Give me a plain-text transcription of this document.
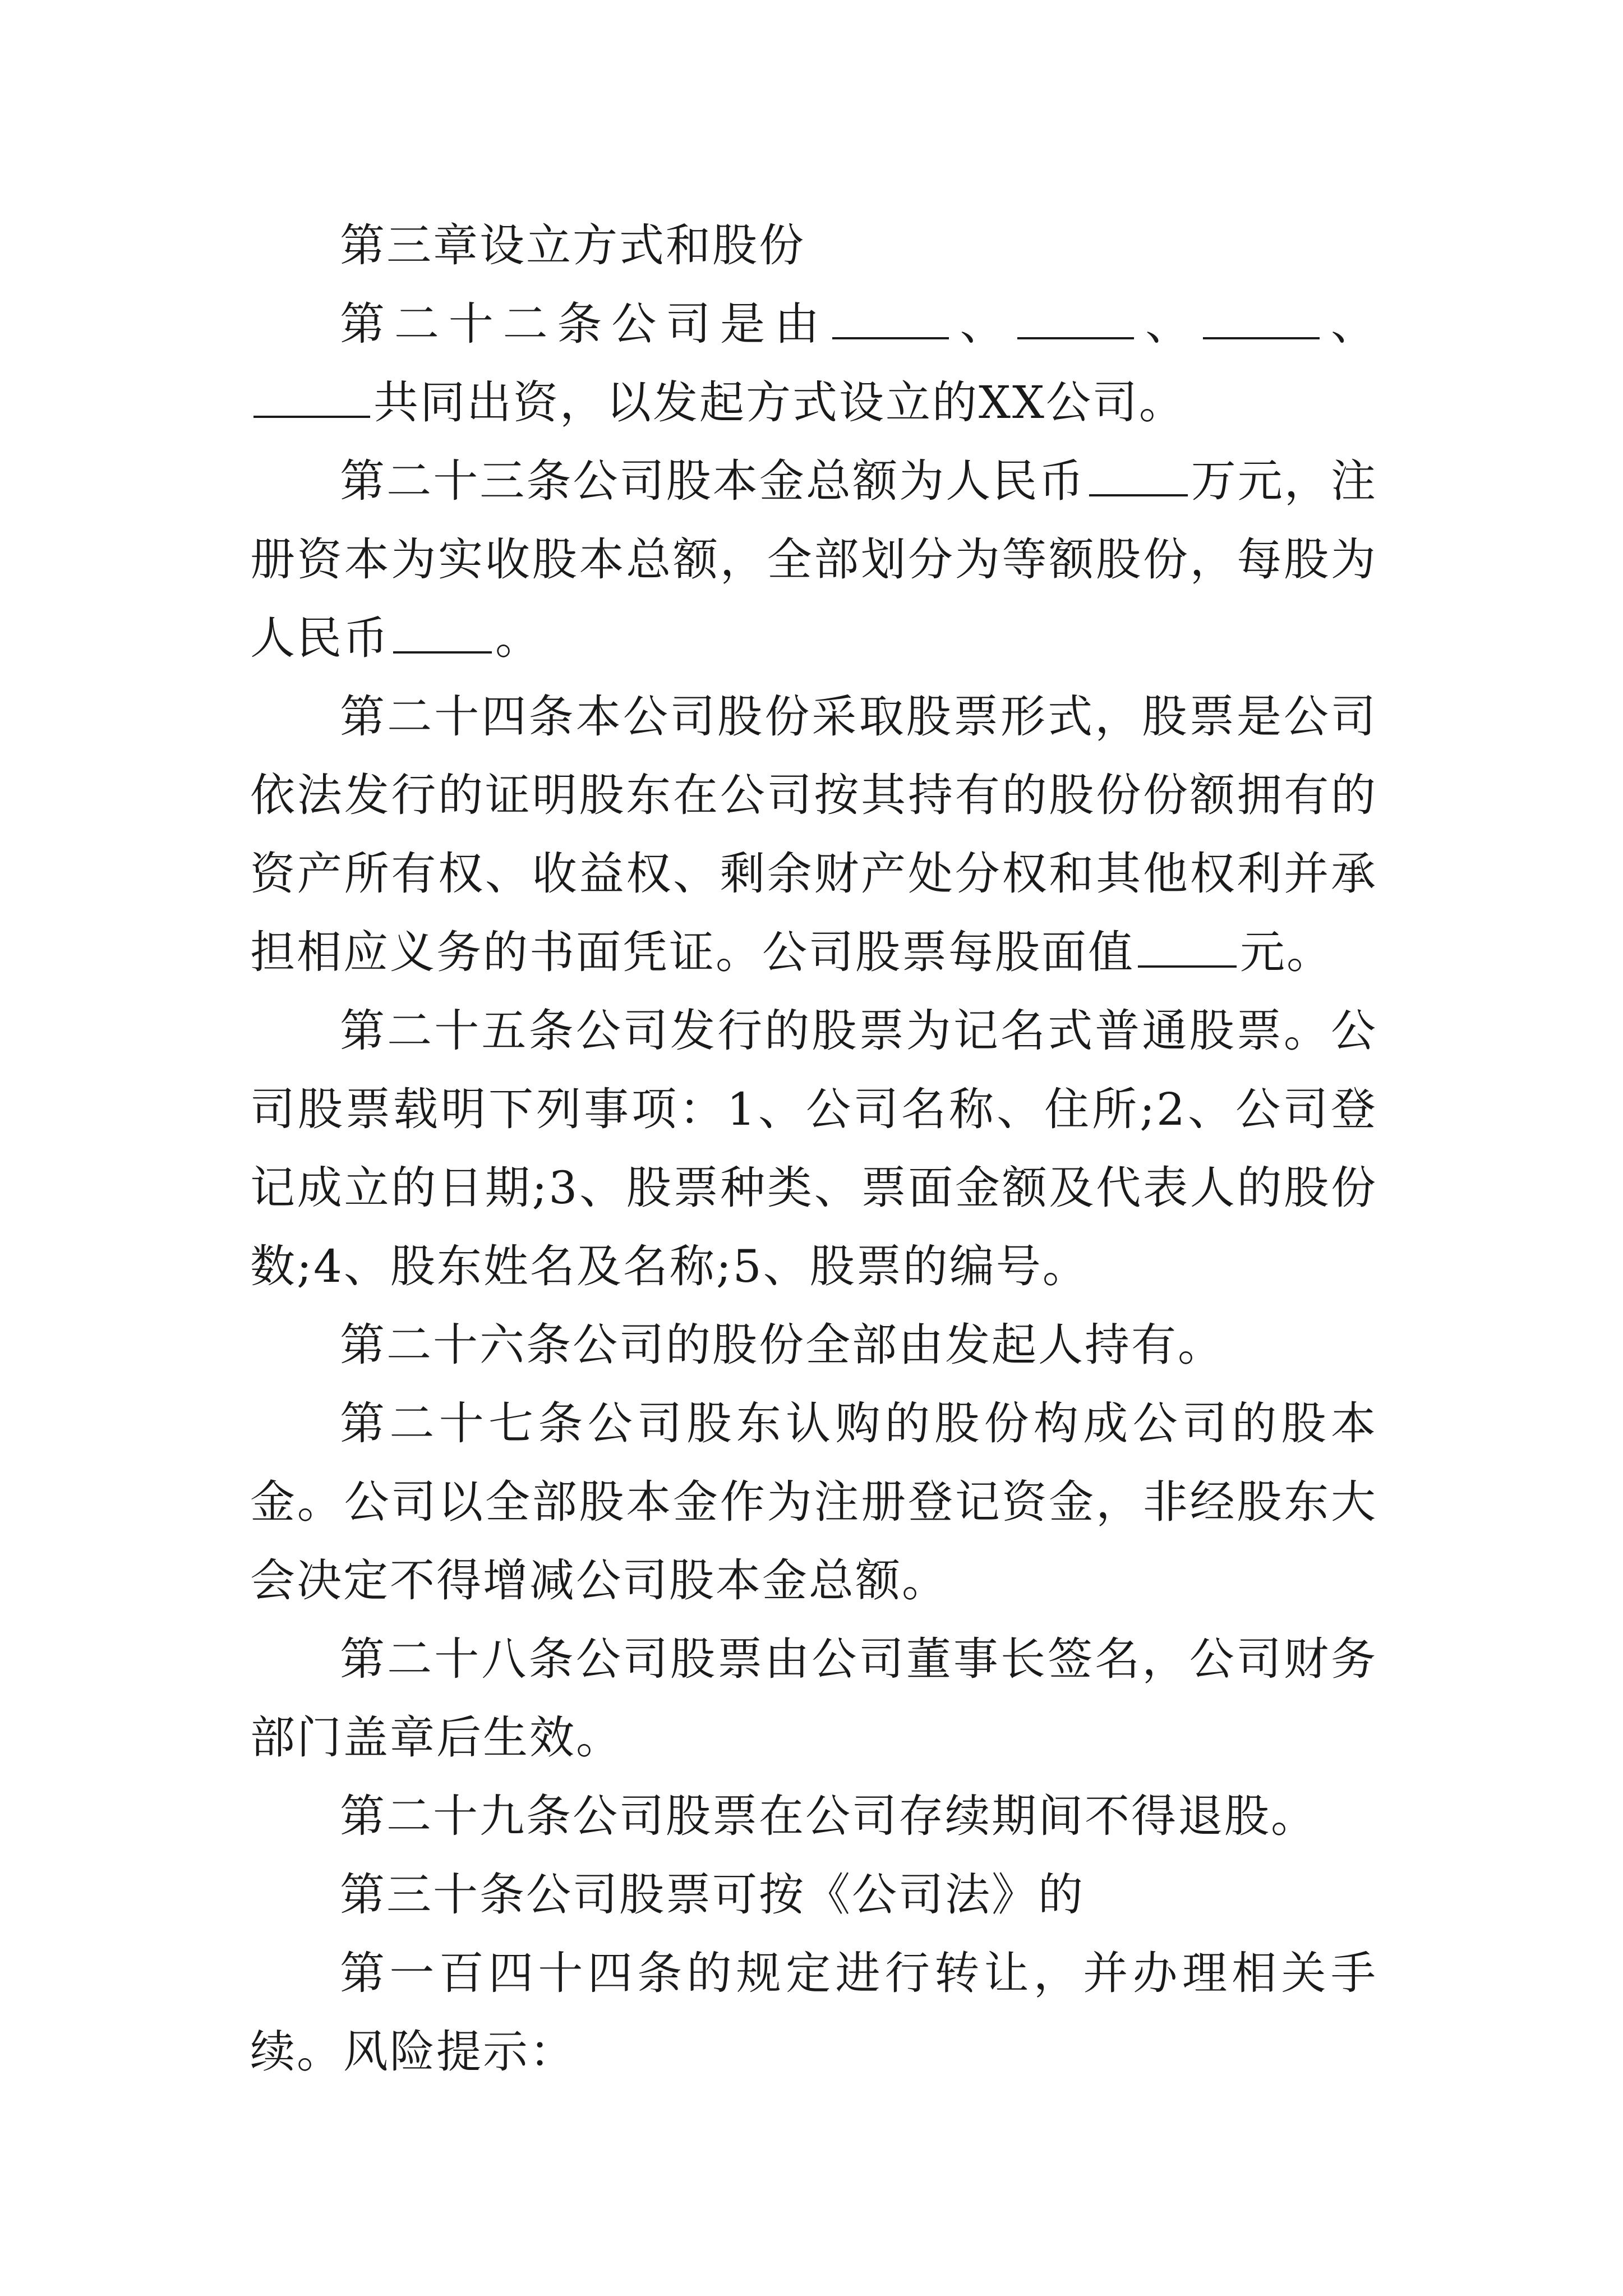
第三章设立方式和股份

第二十二条公司是由	、	、	、共同出资，以发起方式设立的XX公司。

第二十三条公司股本金总额为人民币 万元，注册资本为实收股本总额，全部划分为等额股份，每股为人民币 。

第二十四条本公司股份采取股票形式，股票是公司依法发行的证明股东在公司按其持有的股份份额拥有的资产所有权、收益权、剩余财产处分权和其他权利并承担相应义务的书面凭证。公司股票每股面值 元。

第二十五条公司发行的股票为记名式普通股票。公司股票载明下列事项：1、公司名称、住所;2、公司登记成立的日期;3、股票种类、票面金额及代表人的股份数;4、股东姓名及名称;5、股票的编号。

第二十六条公司的股份全部由发起人持有。

第二十七条公司股东认购的股份构成公司的股本金。公司以全部股本金作为注册登记资金，非经股东大会决定不得增减公司股本金总额。

第二十八条公司股票由公司董事长签名，公司财务部门盖章后生效。

第二十九条公司股票在公司存续期间不得退股。

第三十条公司股票可按《公司法》的

第一百四十四条的规定进行转让，并办理相关手续。风险提示：
